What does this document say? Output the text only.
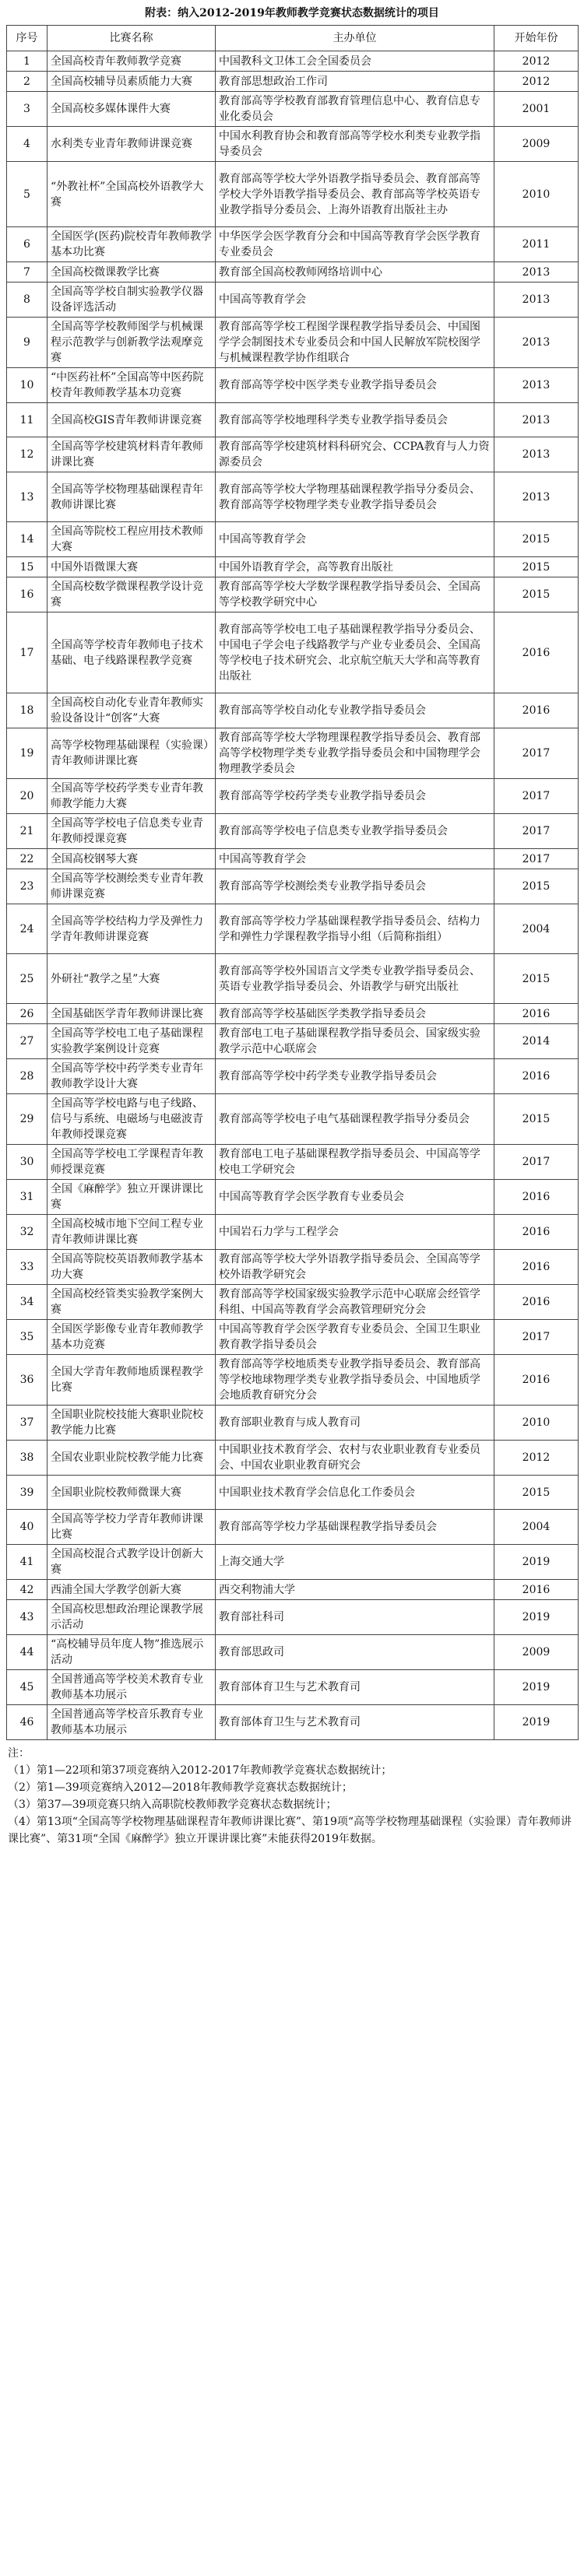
附表：纳入2012-2019年教师教学竞赛状态数据统计的项目
序号	比赛名称	主办单位	开始年份
1	全国高校青年教师教学竞赛	中国教科文卫体工会全国委员会	2012
2	全国高校辅导员素质能力大赛	教育部思想政治工作司	2012
3	全国高校多媒体课件大赛	教育部高等学校教育部教育管理信息中心、教育信息专业化委员会	2001
4	水利类专业青年教师讲课竞赛	中国水利教育协会和教育部高等学校水利类专业教学指导委员会	2009
5	“外教社杯”全国高校外语教学大赛	教育部高等学校大学外语教学指导委员会、教育部高等学校大学外语教学指导委员会、教育部高等学校英语专业教学指导分委员会、上海外语教育出版社主办	2010
6	全国医学(医药)院校青年教师教学基本功比赛	中华医学会医学教育分会和中国高等教育学会医学教育专业委员会	2011
7	全国高校微课教学比赛	教育部全国高校教师网络培训中心	2013
8	全国高等学校自制实验教学仪器设备评选活动	中国高等教育学会	2013
9	全国高等学校教师图学与机械课程示范教学与创新教学法观摩竞赛	教育部高等学校工程图学课程教学指导委员会、中国图学学会制图技术专业委员会和中国人民解放军院校图学与机械课程教学协作组联合	2013
10	“中医药社杯”全国高等中医药院校青年教师教学基本功竞赛	教育部高等学校中医学类专业教学指导委员会	2013
11	全国高校GIS青年教师讲课竞赛	教育部高等学校地理科学类专业教学指导委员会	2013
12	全国高等学校建筑材料青年教师讲课比赛	教育部高等学校建筑材料科研究会、CCPA教育与人力资源委员会	2013
13	全国高等学校物理基础课程青年教师讲课比赛	教育部高等学校大学物理基础课程教学指导分委员会、教育部高等学校物理学类专业教学指导委员会	2013
14	全国高等院校工程应用技术教师大赛	中国高等教育学会	2015
15	中国外语微课大赛	中国外语教育学会，高等教育出版社	2015
16	全国高校数学微课程教学设计竞赛	教育部高等学校大学数学课程教学指导委员会、全国高等学校教学研究中心	2015
17	全国高等学校青年教师电子技术基础、电子线路课程教学竞赛	教育部高等学校电工电子基础课程教学指导分委员会、中国电子学会电子线路教学与产业专业委员会、全国高等学校电子技术研究会、北京航空航天大学和高等教育出版社	2016
18	全国高校自动化专业青年教师实验设备设计“创客”大赛	教育部高等学校自动化专业教学指导委员会	2016
19	高等学校物理基础课程（实验课）青年教师讲课比赛	教育部高等学校大学物理课程教学指导委员会、教育部高等学校物理学类专业教学指导委员会和中国物理学会物理教学委员会	2017
20	全国高等学校药学类专业青年教师教学能力大赛	教育部高等学校药学类专业教学指导委员会	2017
21	全国高等学校电子信息类专业青年教师授课竞赛	教育部高等学校电子信息类专业教学指导委员会	2017
22	全国高校钢琴大赛	中国高等教育学会	2017
23	全国高等学校测绘类专业青年教师讲课竞赛	教育部高等学校测绘类专业教学指导委员会	2015
24	全国高等学校结构力学及弹性力学青年教师讲课竞赛	教育部高等学校力学基础课程教学指导委员会、结构力学和弹性力学课程教学指导小组（后简称指组）	2004
25	外研社“教学之星”大赛	教育部高等学校外国语言文学类专业教学指导委员会、英语专业教学指导委员会、外语教学与研究出版社	2015
26	全国基础医学青年教师讲课比赛	教育部高等学校基础医学类教学指导委员会	2016
27	全国高等学校电工电子基础课程实验教学案例设计竞赛	教育部电工电子基础课程教学指导委员会、国家级实验教学示范中心联席会	2014
28	全国高等学校中药学类专业青年教师教学设计大赛	教育部高等学校中药学类专业教学指导委员会	2016
29	全国高等学校电路与电子线路、信号与系统、电磁场与电磁波青年教师授课竞赛	教育部高等学校电子电气基础课程教学指导分委员会	2015
30	全国高等学校电工学课程青年教师授课竞赛	教育部电工电子基础课程教学指导委员会、中国高等学校电工学研究会	2017
31	全国《麻醉学》独立开课讲课比赛	中国高等教育学会医学教育专业委员会	2016
32	全国高校城市地下空间工程专业青年教师讲课比赛	中国岩石力学与工程学会	2016
33	全国高等院校英语教师教学基本功大赛	教育部高等学校大学外语教学指导委员会、全国高等学校外语教学研究会	2016
34	全国高校经管类实验教学案例大赛	教育部高等学校国家级实验教学示范中心联席会经管学科组、中国高等教育学会高教管理研究分会	2016
35	全国医学影像专业青年教师教学基本功竞赛	中国高等教育学会医学教育专业委员会、全国卫生职业教育教学指导委员会	2017
36	全国大学青年教师地质课程教学比赛	教育部高等学校地质类专业教学指导委员会、教育部高等学校地球物理学类专业教学指导委员会、中国地质学会地质教育研究分会	2016
37	全国职业院校技能大赛职业院校教学能力比赛	教育部职业教育与成人教育司	2010
38	全国农业职业院校教学能力比赛	中国职业技术教育学会、农村与农业职业教育专业委员会、中国农业职业教育研究会	2012
39	全国职业院校教师微课大赛	中国职业技术教育学会信息化工作委员会	2015
40	全国高等学校力学青年教师讲课比赛	教育部高等学校力学基础课程教学指导委员会	2004
41	全国高校混合式教学设计创新大赛	上海交通大学	2019
42	西浦全国大学教学创新大赛	西交利物浦大学	2016
43	全国高校思想政治理论课教学展示活动	教育部社科司	2019
44	“高校辅导员年度人物”推选展示活动	教育部思政司	2009
45	全国普通高等学校美术教育专业教师基本功展示	教育部体育卫生与艺术教育司	2019
46	全国普通高等学校音乐教育专业教师基本功展示	教育部体育卫生与艺术教育司	2019

注：

（1）第1—22项和第37项竞赛纳入2012-2017年教师教学竞赛状态数据统计；

（2）第1—39项竞赛纳入2012—2018年教师教学竞赛状态数据统计；

（3）第37—39项竞赛只纳入高职院校教师教学竞赛状态数据统计；

（4）第13项“全国高等学校物理基础课程青年教师讲课比赛”、第19项“高等学校物理基础课程（实验课）青年教师讲课比赛”、第31项“全国《麻醉学》独立开课讲课比赛”未能获得2019年数据。
